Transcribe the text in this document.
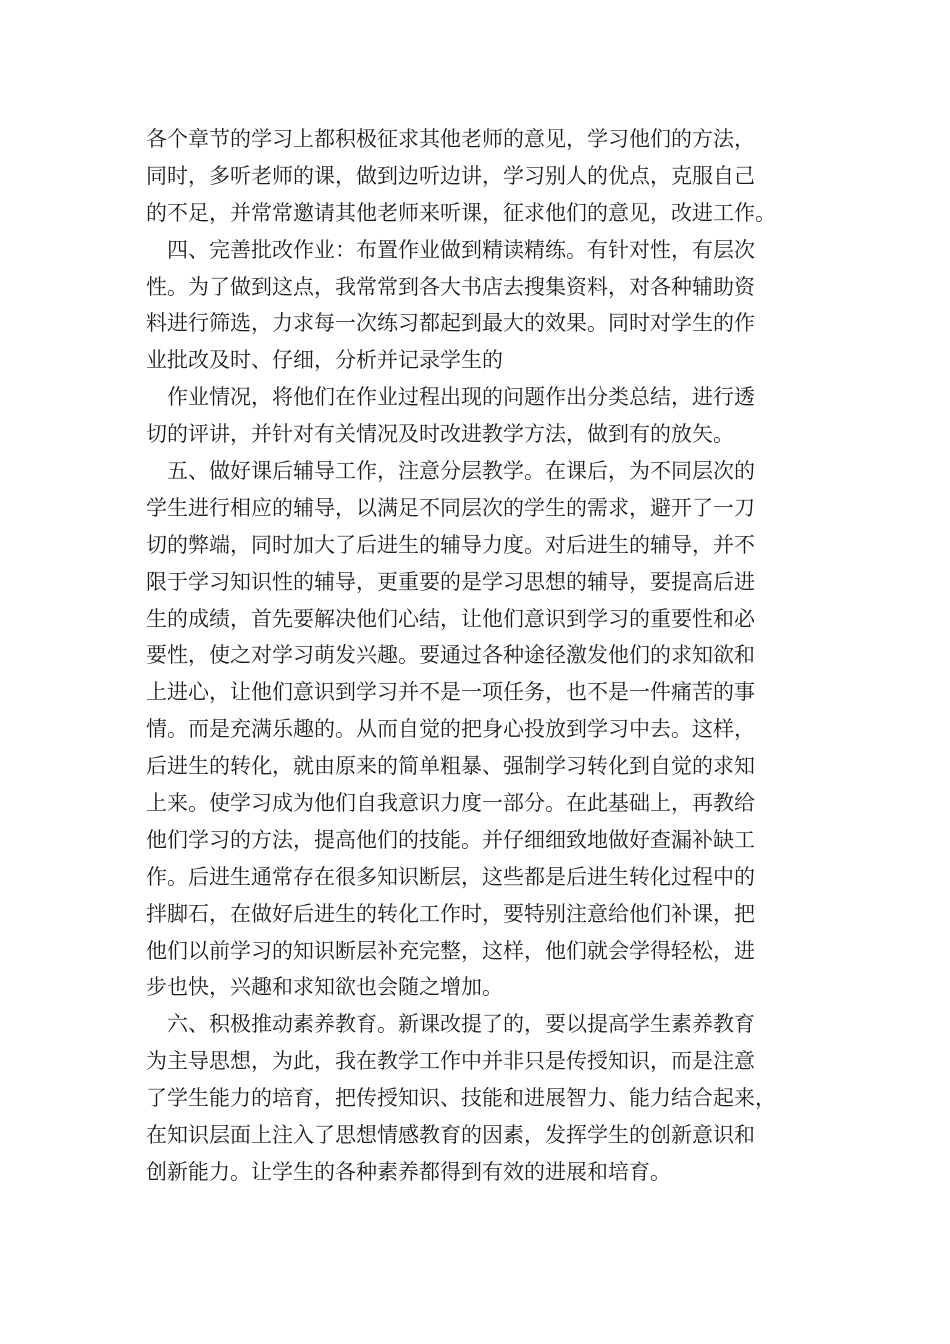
各个章节的学习上都积极征求其他老师的意见，学习他们的方法，
同时，多听老师的课，做到边听边讲，学习别人的优点，克服自己
的不足，并常常邀请其他老师来听课，征求他们的意见，改进工作。
　四、完善批改作业：布置作业做到精读精练。有针对性，有层次
性。为了做到这点，我常常到各大书店去搜集资料，对各种辅助资
料进行筛选，力求每一次练习都起到最大的效果。同时对学生的作
业批改及时、仔细，分析并记录学生的
　作业情况，将他们在作业过程出现的问题作出分类总结，进行透
切的评讲，并针对有关情况及时改进教学方法，做到有的放矢。
　五、做好课后辅导工作，注意分层教学。在课后，为不同层次的
学生进行相应的辅导，以满足不同层次的学生的需求，避开了一刀
切的弊端，同时加大了后进生的辅导力度。对后进生的辅导，并不
限于学习知识性的辅导，更重要的是学习思想的辅导，要提高后进
生的成绩，首先要解决他们心结，让他们意识到学习的重要性和必
要性，使之对学习萌发兴趣。要通过各种途径激发他们的求知欲和
上进心，让他们意识到学习并不是一项任务，也不是一件痛苦的事
情。而是充满乐趣的。从而自觉的把身心投放到学习中去。这样，
后进生的转化，就由原来的简单粗暴、强制学习转化到自觉的求知
上来。使学习成为他们自我意识力度一部分。在此基础上，再教给
他们学习的方法，提高他们的技能。并仔细细致地做好查漏补缺工
作。后进生通常存在很多知识断层，这些都是后进生转化过程中的
拌脚石，在做好后进生的转化工作时，要特别注意给他们补课，把
他们以前学习的知识断层补充完整，这样，他们就会学得轻松，进
步也快，兴趣和求知欲也会随之增加。
　六、积极推动素养教育。新课改提了的，要以提高学生素养教育
为主导思想，为此，我在教学工作中并非只是传授知识，而是注意
了学生能力的培育，把传授知识、技能和进展智力、能力结合起来，
在知识层面上注入了思想情感教育的因素，发挥学生的创新意识和
创新能力。让学生的各种素养都得到有效的进展和培育。
